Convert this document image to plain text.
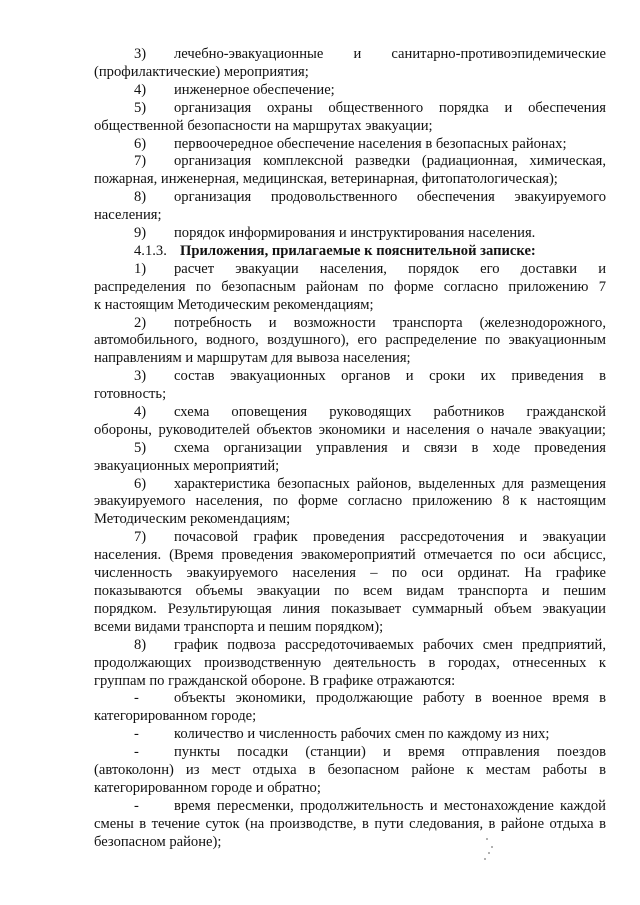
3)	лечебно-эвакуационные и санитарно-противоэпидемические
(профилактические) мероприятия;
4)	инженерное обеспечение;
5)	организация охраны общественного порядка и обеспечения
общественной безопасности на маршрутах эвакуации;
6)	первоочередное обеспечение населения в безопасных районах;
7)	организация комплексной разведки (радиационная, химическая,
пожарная, инженерная, медицинская, ветеринарная, фитопатологическая);
8)	организация продовольственного обеспечения эвакуируемого
населения;
9)	порядок информирования и инструктирования населения.
4.1.3. Приложения, прилагаемые к пояснительной записке:
1)	расчет эвакуации населения, порядок его доставки и
распределения по безопасным районам по форме согласно приложению 7
к настоящим Методическим рекомендациям;
2)	потребность и возможности транспорта (железнодорожного,
автомобильного, водного, воздушного), его распределение по эвакуационным
направлениям и маршрутам для вывоза населения;
3)	состав эвакуационных органов и сроки их приведения в
готовность;
4)	схема оповещения руководящих работников гражданской
обороны, руководителей объектов экономики и населения о начале эвакуации;
5)	схема организации управления и связи в ходе проведения
эвакуационных мероприятий;
6)	характеристика безопасных районов, выделенных для размещения
эвакуируемого населения, по форме согласно приложению 8 к настоящим
Методическим рекомендациям;
7)	почасовой график проведения рассредоточения и эвакуации
населения. (Время проведения эвакомероприятий отмечается по оси абсцисс,
численность эвакуируемого населения – по оси ординат. На графике
показываются объемы эвакуации по всем видам транспорта и пешим
порядком. Результирующая линия показывает суммарный объем эвакуации
всеми видами транспорта и пешим порядком);
8)	график подвоза рассредоточиваемых рабочих смен предприятий,
продолжающих производственную деятельность в городах, отнесенных к
группам по гражданской обороне. В графике отражаются:
-	объекты экономики, продолжающие работу в военное время в
категорированном городе;
-	количество и численность рабочих смен по каждому из них;
-	пункты посадки (станции) и время отправления поездов
(автоколонн) из мест отдыха в безопасном районе к местам работы в
категорированном городе и обратно;
-	время пересменки, продолжительность и местонахождение каждой
смены в течение суток (на производстве, в пути следования, в районе отдыха в
безопасном районе);
